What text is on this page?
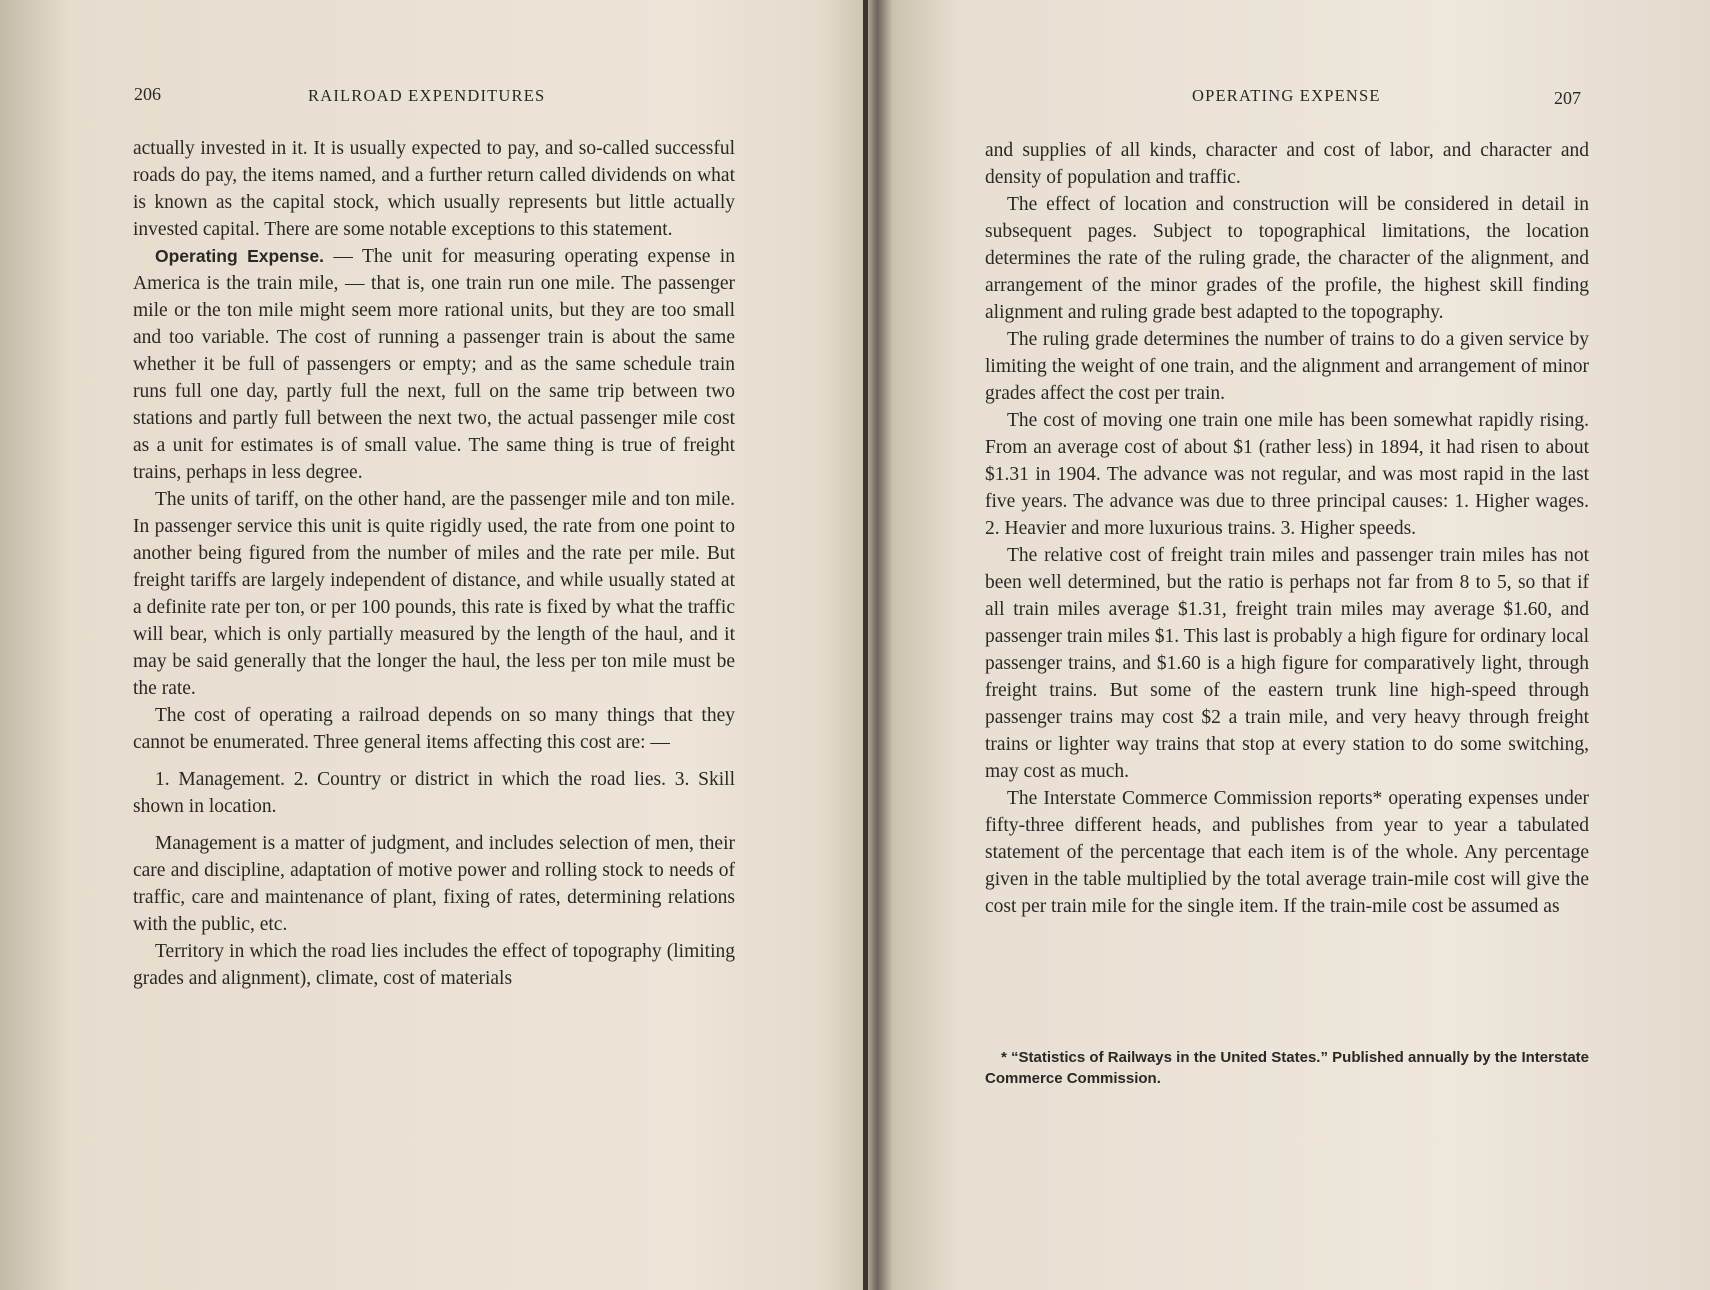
206	RAILROAD EXPENDITURES

actually invested in it. It is usually expected to pay, and so-called successful roads do pay, the items named, and a further return called dividends on what is known as the capital stock, which usually represents but little actually invested capital. There are some notable exceptions to this statement.

Operating Expense. — The unit for measuring operating expense in America is the train mile, — that is, one train run one mile. The passenger mile or the ton mile might seem more rational units, but they are too small and too variable. The cost of running a passenger train is about the same whether it be full of passengers or empty; and as the same schedule train runs full one day, partly full the next, full on the same trip between two stations and partly full between the next two, the actual passenger mile cost as a unit for estimates is of small value. The same thing is true of freight trains, perhaps in less degree.

The units of tariff, on the other hand, are the passenger mile and ton mile. In passenger service this unit is quite rigidly used, the rate from one point to another being figured from the number of miles and the rate per mile. But freight tariffs are largely independent of distance, and while usually stated at a definite rate per ton, or per 100 pounds, this rate is fixed by what the traffic will bear, which is only partially measured by the length of the haul, and it may be said generally that the longer the haul, the less per ton mile must be the rate.

The cost of operating a railroad depends on so many things that they cannot be enumerated. Three general items affecting this cost are: —

1. Management. 2. Country or district in which the road lies. 3. Skill shown in location.

Management is a matter of judgment, and includes selection of men, their care and discipline, adaptation of motive power and rolling stock to needs of traffic, care and maintenance of plant, fixing of rates, determining relations with the public, etc.

Territory in which the road lies includes the effect of topography (limiting grades and alignment), climate, cost of materials

OPERATING EXPENSE	207

and supplies of all kinds, character and cost of labor, and character and density of population and traffic.

The effect of location and construction will be considered in detail in subsequent pages. Subject to topographical limitations, the location determines the rate of the ruling grade, the character of the alignment, and arrangement of the minor grades of the profile, the highest skill finding alignment and ruling grade best adapted to the topography.

The ruling grade determines the number of trains to do a given service by limiting the weight of one train, and the alignment and arrangement of minor grades affect the cost per train.

The cost of moving one train one mile has been somewhat rapidly rising. From an average cost of about $1 (rather less) in 1894, it had risen to about $1.31 in 1904. The advance was not regular, and was most rapid in the last five years. The advance was due to three principal causes: 1. Higher wages. 2. Heavier and more luxurious trains. 3. Higher speeds.

The relative cost of freight train miles and passenger train miles has not been well determined, but the ratio is perhaps not far from 8 to 5, so that if all train miles average $1.31, freight train miles may average $1.60, and passenger train miles $1. This last is probably a high figure for ordinary local passenger trains, and $1.60 is a high figure for comparatively light, through freight trains. But some of the eastern trunk line high-speed through passenger trains may cost $2 a train mile, and very heavy through freight trains or lighter way trains that stop at every station to do some switching, may cost as much.

The Interstate Commerce Commission reports* operating expenses under fifty-three different heads, and publishes from year to year a tabulated statement of the percentage that each item is of the whole. Any percentage given in the table multiplied by the total average train-mile cost will give the cost per train mile for the single item. If the train-mile cost be assumed as

* “Statistics of Railways in the United States.” Published annually by the Interstate Commerce Commission.
